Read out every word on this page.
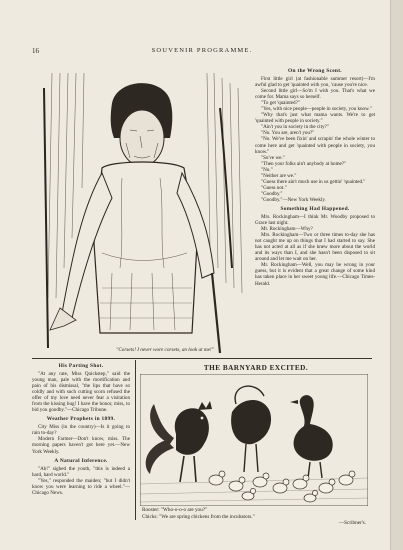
16	SOUVENIR PROGRAMME.
"Corsets! I never wore corsets, an look at me!"
On the Wrong Scent.

First little girl (at fashionable summer resort)—I'm awful glad to get 'quainted with you, 'cause you're nice.

Second little girl—So'm I with you. That's what we come for. Mama says so herself.

"To get 'quainted?"

"Yes, with nice people—people in society, you know."

"Why that's just what mama wants. We're to get 'quainted with people in society."

"Ain't you in society in the city?"

"No. You are, aren't you?"

"No. We've been fixin' and scrapin' the whole winter to come here and get 'quainted with people in society, you know."

"So've we."

"Then your folks ain't anybody at home?"

"No."

"Neither are we."

"Guess there ain't much use in us gettin' 'quainted."

"Guess not."

"Goodby."

"Goodby."—New York Weekly.

Something Had Happened.

Mrs. Rockingham—I think Mr. Woodby proposed to Grace last night.

Mr. Rockingham—Why?

Mrs. Rockingham—Two or three times to-day she has not caught me up on things that I had started to say. She has not acted at all as if she knew more about the world and its ways than I, and she hasn't been disposed to sit around and let me wait on her.

Mr. Rockingham—Well, you may be wrong in your guess, but it is evident that a great change of some kind has taken place in her sweet young life.—Chicago Times-Herald.

His Parting Shot.

"At any rate, Miss Quickstep," said the young man, pale with the mortification and pain of his dismissal, "the lips that have so coldly and with such cutting scorn refused the offer of my love need never fear a visitation from the kissing bug! I have the honor, miss, to bid you goodby."—Chicago Tribune.

Weather Prophets in 1899.

City Miss (in the country)—Is it going to rain to-day?

Modern Farmer—Don't know, miss. The morning papers haven't got here yet.—New York Weekly.

A Natural Inference.

"Ah!" sighed the youth, "this is indeed a hard, hard world."

"Yes," responded the maiden; "but I didn't know you were learning to ride a wheel."—Chicago News.

THE BARNYARD EXCITED.
Rooster: "Who-o-o-o are you?"
Chicks: "We are spring chickens from the incubators."
—Scribner's.
